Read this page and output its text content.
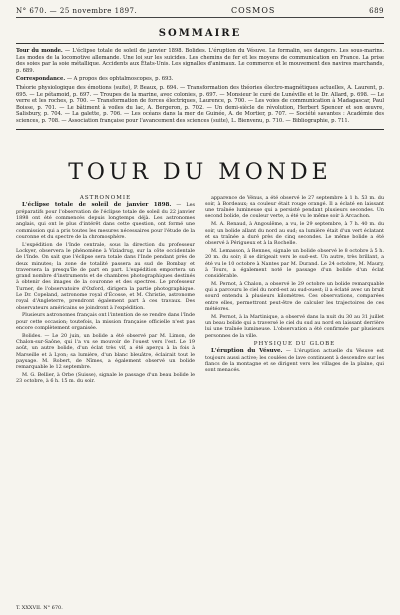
N° 670. — 25 novembre 1897.	COSMOS	689
SOMMAIRE

Tour du monde. — L'éclipse totale de soleil de janvier 1898. Bolides. L'éruption du Vésuve. Le formalin, ses dangers. Les sous-marins. Les modes de la locomotive allemande. Une loi sur les suicides. Les chemins de fer et les moyens de communication en France. La prise des soies par la soie métallique. Accidents aux États-Unis. Les signalles d'animaux. Le commerce et le mouvement des navires marchands, p. 689.

Correspondance. — A propos des ophtalmoscopes, p. 693.

Théorie physiologique des émotions (suite), P. Beaux, p. 694. — Transformation des théories électro-magnétiques actuelles, A. Laurent, p. 695. — Le pétamoid, p. 697. — Troupes de la marine, avec colonies, p. 697. — Monsieur le curé de Lunéville et le Dr. Allard, p. 698. — Le verre et les roches, p. 700. — Transformation de forces électriques, Laurence, p. 700. — Les voies de communication à Madagascar, Paul Boisse, p. 701. — Le bâtiment à voiles du lac, A. Bergeron, p. 702. — Un demi-siècle de révolution, Herbert Spencer et son œuvre, Salisbury, p. 704. — La galette, p. 706. — Les océans dans la mer de Guinée, A. de Mortier, p. 707. — Société savantes : Académie des sciences, p. 708. — Association française pour l'avancement des sciences (suite), L. Bienvenu, p. 710. — Bibliographie, p. 711.

TOUR DU MONDE

ASTRONOMIE

L'éclipse totale de soleil de janvier 1898. — Les préparatifs pour l'observation de l'éclipse totale de soleil du 22 janvier 1898 ont été commencés depuis longtemps déjà. Les astronomes anglais, qui ont le plus d'intérêt dans cette question, ont formé une commission qui a pris toutes les mesures nécessaires pour l'étude de la couronne et du spectre de la chromosphère.

L'expédition de l'Inde centrale, sous la direction du professeur Lockyer, observera le phénomène à Viziadrug, sur la côte occidentale de l'Inde. On sait que l'éclipse sera totale dans l'Inde pendant près de deux minutes; la zone de totalité passera au sud de Bombay et traversera la presqu'île de part en part. L'expédition emportera un grand nombre d'instruments et de chambres photographiques destinés à obtenir des images de la couronne et des spectres. Le professeur Turner, de l'observatoire d'Oxford, dirigera la partie photographique. Le Dr. Copeland, astronome royal d'Écosse, et M. Christie, astronome royal d'Angleterre, prendront également part à ces travaux. Des observateurs américains se joindront à l'expédition.

Plusieurs astronomes français ont l'intention de se rendre dans l'Inde pour cette occasion; toutefois, la mission française officielle n'est pas encore complètement organisée.

Bolides. — Le 20 juin, un bolide a été observé par M. Limon, de Chalon-sur-Saône, qui l'a vu se mouvoir de l'ouest vers l'est. Le 19 août, un autre bolide, d'un éclat très vif, a été aperçu à la fois à Marseille et à Lyon; sa lumière, d'un blanc bleuâtre, éclairait tout le paysage. M. Robert, de Nîmes, a également observé un bolide remarquable le 12 septembre.

M. G. Bellier, à Orbe (Suisse), signale le passage d'un beau bolide le 23 octobre, à 6 h. 15 m. du soir.

apparence de Vénus, a été observé le 27 septembre à 1 h. 53 m. du soir, à Bordeaux; sa couleur était rouge orangé. Il a éclaté en laissant une traînée lumineuse qui a persisté pendant plusieurs secondes. Un second bolide, de couleur verte, a été vu le même soir à Arcachon.

M. A. Renaud, à Angoulême, a vu, le 29 septembre, à 7 h. 40 m. du soir, un bolide allant du nord au sud; sa lumière était d'un vert éclatant et sa traînée a duré près de cinq secondes. Le même bolide a été observé à Périgueux et à la Rochelle.

M. Lemasson, à Rennes, signale un bolide observé le 8 octobre à 5 h. 20 m. du soir; il se dirigeait vers le sud-est. Un autre, très brillant, a été vu le 10 octobre à Nantes par M. Durand. Le 24 octobre, M. Maury, à Tours, a également noté le passage d'un bolide d'un éclat considérable.

M. Pernot, à Chalon, a observé le 29 octobre un bolide remarquable qui a parcouru le ciel du nord-est au sud-ouest; il a éclaté avec un bruit sourd entendu à plusieurs kilomètres. Ces observations, comparées entre elles, permettront peut-être de calculer les trajectoires de ces météores.

M. Pernot, à la Martinique, a observé dans la nuit du 30 au 31 juillet un beau bolide qui a traversé le ciel du sud au nord en laissant derrière lui une traînée lumineuse. L'observation a été confirmée par plusieurs personnes de la ville.

PHYSIQUE DU GLOBE

L'éruption du Vésuve. — L'éruption actuelle du Vésuve est toujours aussi active; les coulées de lave continuent à descendre sur les flancs de la montagne et se dirigent vers les villages de la plaine, qui sont menacés.

T. XXXVII. N° 670.
